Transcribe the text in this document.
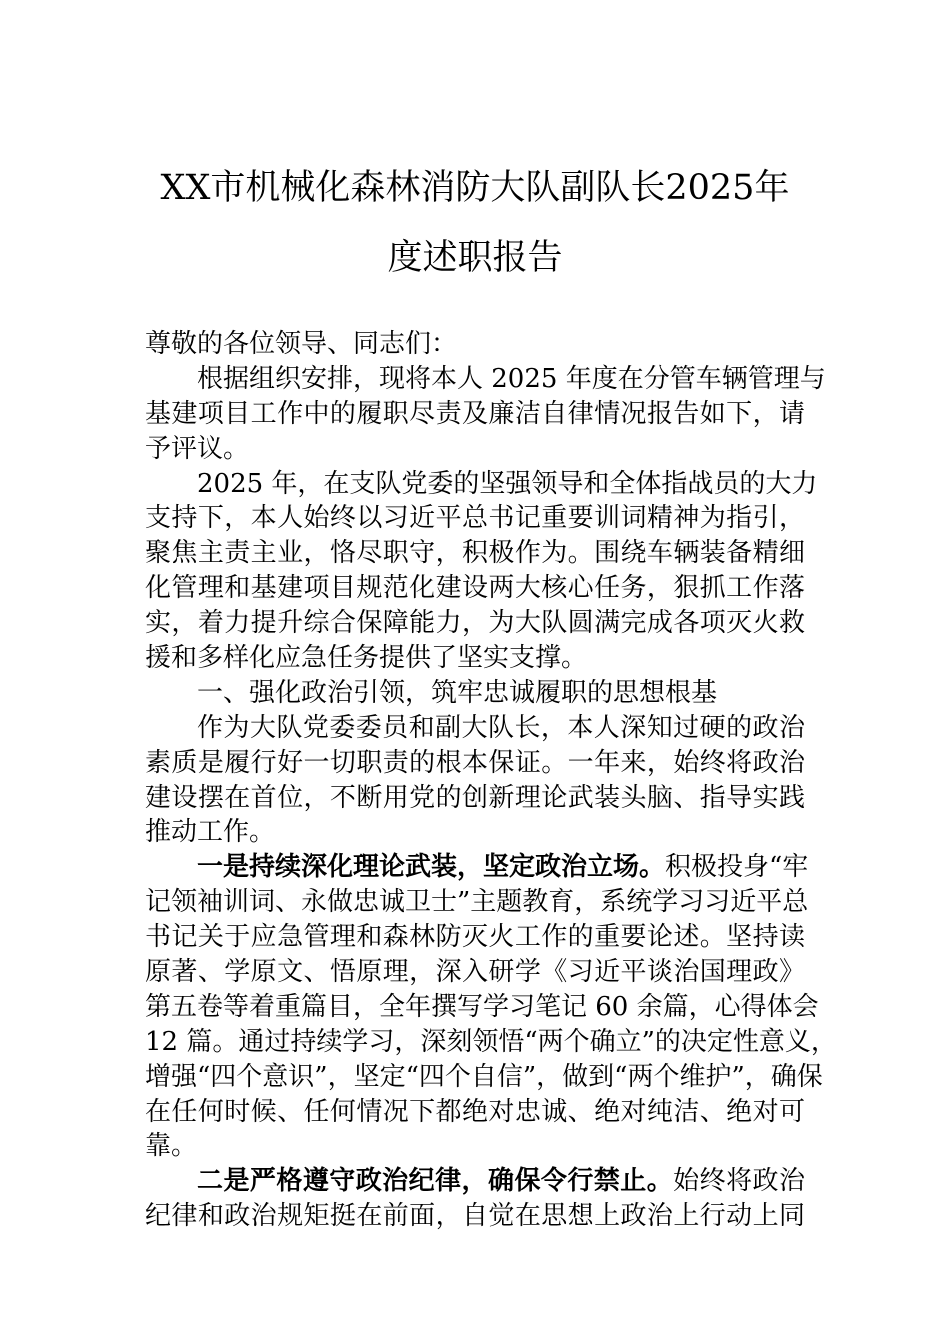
XX市机械化森林消防大队副队长2025年
度述职报告
尊敬的各位领导、同志们：
根据组织安排，现将本人 2025 年度在分管车辆管理与
基建项目工作中的履职尽责及廉洁自律情况报告如下，请
予评议。
2025 年，在支队党委的坚强领导和全体指战员的大力
支持下，本人始终以习近平总书记重要训词精神为指引，
聚焦主责主业，恪尽职守，积极作为。围绕车辆装备精细
化管理和基建项目规范化建设两大核心任务，狠抓工作落
实，着力提升综合保障能力，为大队圆满完成各项灭火救
援和多样化应急任务提供了坚实支撑。
一、强化政治引领，筑牢忠诚履职的思想根基
作为大队党委委员和副大队长，本人深知过硬的政治
素质是履行好一切职责的根本保证。一年来，始终将政治
建设摆在首位，不断用党的创新理论武装头脑、指导实践
推动工作。
一是持续深化理论武装，坚定政治立场。积极投身“牢
记领袖训词、永做忠诚卫士”主题教育，系统学习习近平总
书记关于应急管理和森林防灭火工作的重要论述。坚持读
原著、学原文、悟原理，深入研学《习近平谈治国理政》
第五卷等着重篇目，全年撰写学习笔记 60 余篇，心得体会
12 篇。通过持续学习，深刻领悟“两个确立”的决定性意义，
增强“四个意识”，坚定“四个自信”，做到“两个维护”，确保
在任何时候、任何情况下都绝对忠诚、绝对纯洁、绝对可
靠。
二是严格遵守政治纪律，确保令行禁止。始终将政治
纪律和政治规矩挺在前面，自觉在思想上政治上行动上同
